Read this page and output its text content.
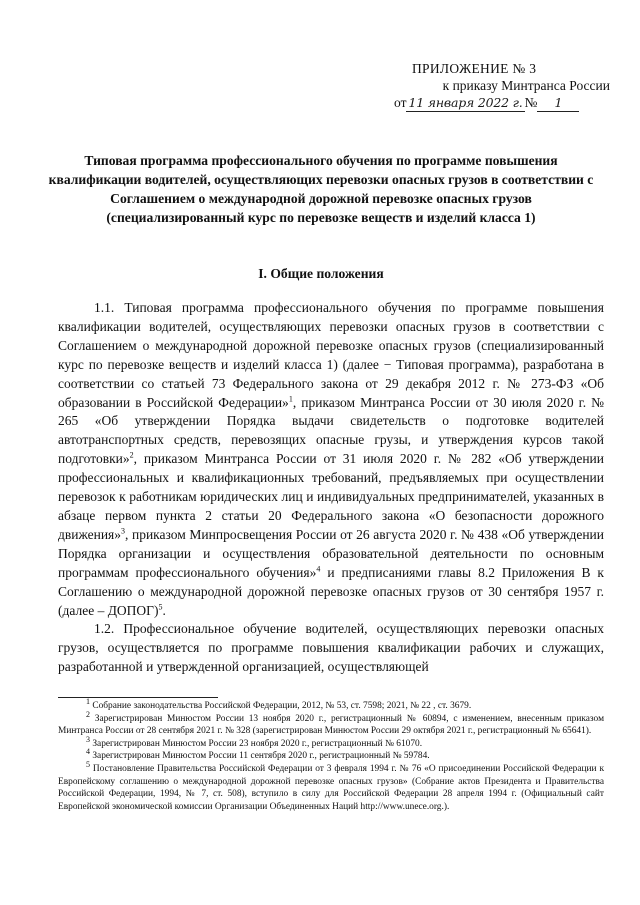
ПРИЛОЖЕНИЕ № 3
к приказу Минтранса России
от 11 января 2022 г. № 1
Типовая программа профессионального обучения по программе повышения квалификации водителей, осуществляющих перевозки опасных грузов в соответствии с Соглашением о международной дорожной перевозке опасных грузов (специализированный курс по перевозке веществ и изделий класса 1)
I. Общие положения

1.1. Типовая программа профессионального обучения по программе повышения квалификации водителей, осуществляющих перевозки опасных грузов в соответствии с Соглашением о международной дорожной перевозке опасных грузов (специализированный курс по перевозке веществ и изделий класса 1) (далее − Типовая программа), разработана в соответствии со статьей 73 Федерального закона от 29 декабря 2012 г. № 273-ФЗ «Об образовании в Российской Федерации»$^1$, приказом Минтранса России от 30 июля 2020 г. № 265 «Об утверждении Порядка выдачи свидетельств о подготовке водителей автотранспортных средств, перевозящих опасные грузы, и утверждения курсов такой подготовки»$^2$, приказом Минтранса России от 31 июля 2020 г. № 282 «Об утверждении профессиональных и квалификационных требований, предъявляемых при осуществлении перевозок к работникам юридических лиц и индивидуальных предпринимателей, указанных в абзаце первом пункта 2 статьи 20 Федерального закона «О безопасности дорожного движения»$^3$, приказом Минпросвещения России от 26 августа 2020 г. № 438 «Об утверждении Порядка организации и осуществления образовательной деятельности по основным программам профессионального обучения»$^4$ и предписаниями главы 8.2 Приложения В к Соглашению о международной дорожной перевозке опасных грузов от 30 сентября 1957 г. (далее – ДОПОГ)$^5$.

1.2. Профессиональное обучение водителей, осуществляющих перевозки опасных грузов, осуществляется по программе повышения квалификации рабочих и служащих, разработанной и утвержденной организацией, осуществляющей

$^1$ Собрание законодательства Российской Федерации, 2012, № 53, ст. 7598; 2021, № 22 , ст. 3679.

$^2$ Зарегистрирован Минюстом России 13 ноября 2020 г., регистрационный № 60894, с изменением, внесенным приказом Минтранса России от 28 сентября 2021 г. № 328 (зарегистрирован Минюстом России 29 октября 2021 г., регистрационный № 65641).

$^3$ Зарегистрирован Минюстом России 23 ноября 2020 г., регистрационный № 61070.

$^4$ Зарегистрирован Минюстом России 11 сентября 2020 г., регистрационный № 59784.

$^5$ Постановление Правительства Российской Федерации от 3 февраля 1994 г. № 76 «О присоединении Российской Федерации к Европейскому соглашению о международной дорожной перевозке опасных грузов» (Собрание актов Президента и Правительства Российской Федерации, 1994, № 7, ст. 508), вступило в силу для Российской Федерации 28 апреля 1994 г. (Официальный сайт Европейской экономической комиссии Организации Объединенных Наций http://www.unece.org.).
